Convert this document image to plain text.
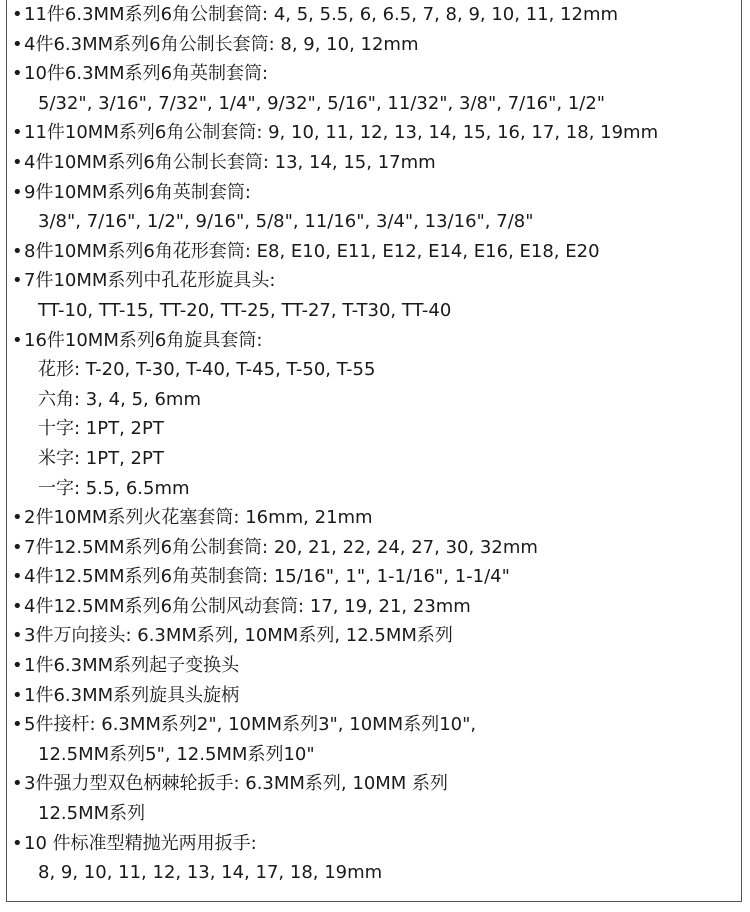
• 11件6.3MM系列6角公制套筒: 4, 5, 5.5, 6, 6.5, 7, 8, 9, 10, 11, 12mm
• 4件6.3MM系列6角公制长套筒: 8, 9, 10, 12mm
• 10件6.3MM系列6角英制套筒:
5/32", 3/16", 7/32", 1/4", 9/32", 5/16", 11/32", 3/8", 7/16", 1/2"
• 11件10MM系列6角公制套筒: 9, 10, 11, 12, 13, 14, 15, 16, 17, 18, 19mm
• 4件10MM系列6角公制长套筒: 13, 14, 15, 17mm
• 9件10MM系列6角英制套筒:
3/8", 7/16", 1/2", 9/16", 5/8", 11/16", 3/4", 13/16", 7/8"
• 8件10MM系列6角花形套筒: E8, E10, E11, E12, E14, E16, E18, E20
• 7件10MM系列中孔花形旋具头:
TT-10, TT-15, TT-20, TT-25, TT-27, T-T30, TT-40
• 16件10MM系列6角旋具套筒:
花形: T-20, T-30, T-40, T-45, T-50, T-55
六角: 3, 4, 5, 6mm
十字: 1PT, 2PT
米字: 1PT, 2PT
一字: 5.5, 6.5mm
• 2件10MM系列火花塞套筒: 16mm, 21mm
• 7件12.5MM系列6角公制套筒: 20, 21, 22, 24, 27, 30, 32mm
• 4件12.5MM系列6角英制套筒: 15/16", 1", 1-1/16", 1-1/4"
• 4件12.5MM系列6角公制风动套筒: 17, 19, 21, 23mm
• 3件万向接头: 6.3MM系列, 10MM系列, 12.5MM系列
• 1件6.3MM系列起子变换头
• 1件6.3MM系列旋具头旋柄
• 5件接杆: 6.3MM系列2", 10MM系列3", 10MM系列10",
12.5MM系列5", 12.5MM系列10"
• 3件强力型双色柄棘轮扳手: 6.3MM系列, 10MM 系列
12.5MM系列
• 10 件标准型精抛光两用扳手:
8, 9, 10, 11, 12, 13, 14, 17, 18, 19mm
